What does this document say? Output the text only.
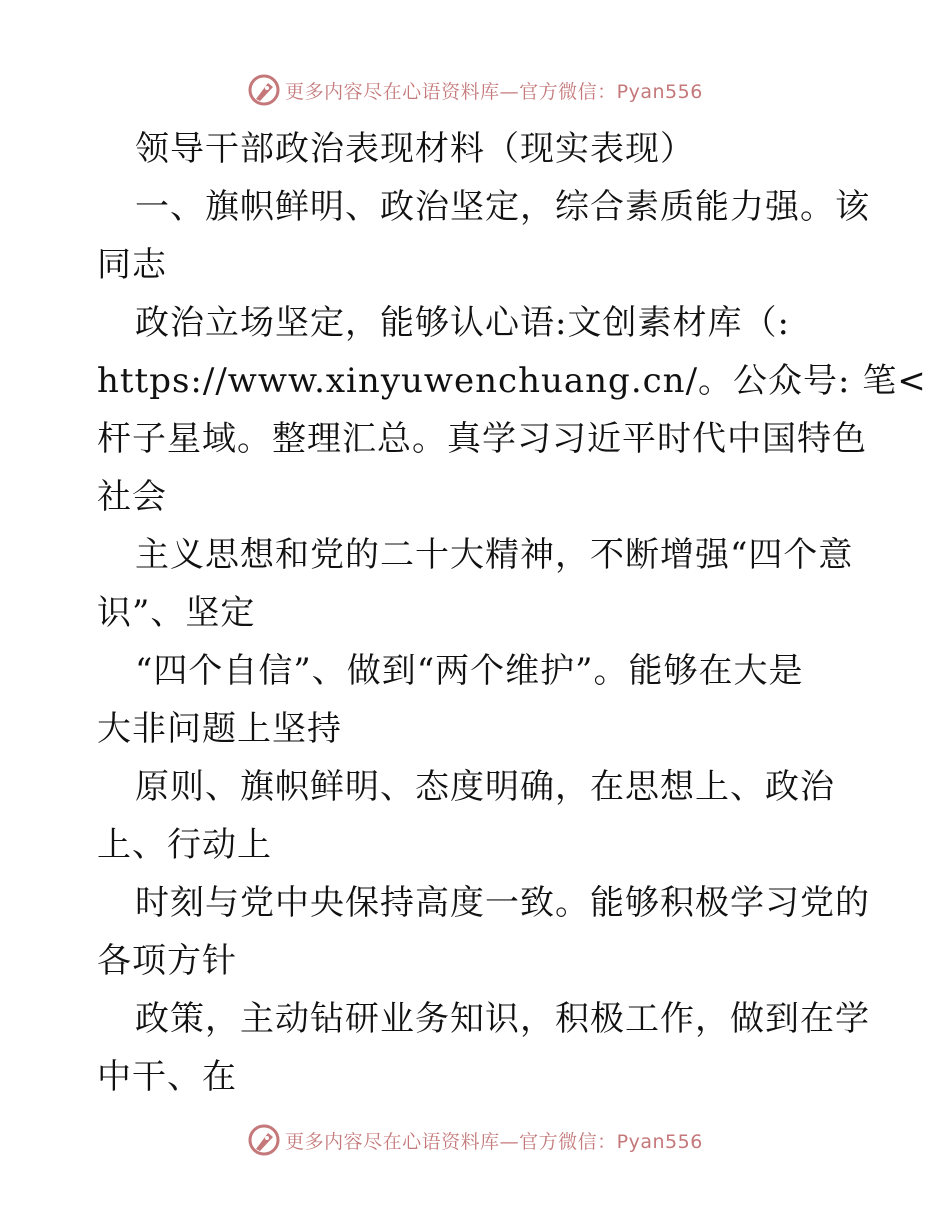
更多内容尽在心语资料库—官方微信：Pyan556
领导干部政治表现材料（现实表现）
一、旗帜鲜明、政治坚定，综合素质能力强。该
同志
政治立场坚定，能够认心语:文创素材库（:
https://www.xinyuwenchuang.cn/。公众号: 笔<
杆子星域。整理汇总。真学习习近平时代中国特色
社会
主义思想和党的二十大精神，不断增强“四个意
识”、坚定
“四个自信”、做到“两个维护”。能够在大是
大非问题上坚持
原则、旗帜鲜明、态度明确，在思想上、政治
上、行动上
时刻与党中央保持高度一致。能够积极学习党的
各项方针
政策，主动钻研业务知识，积极工作，做到在学
中干、在
更多内容尽在心语资料库—官方微信：Pyan556
